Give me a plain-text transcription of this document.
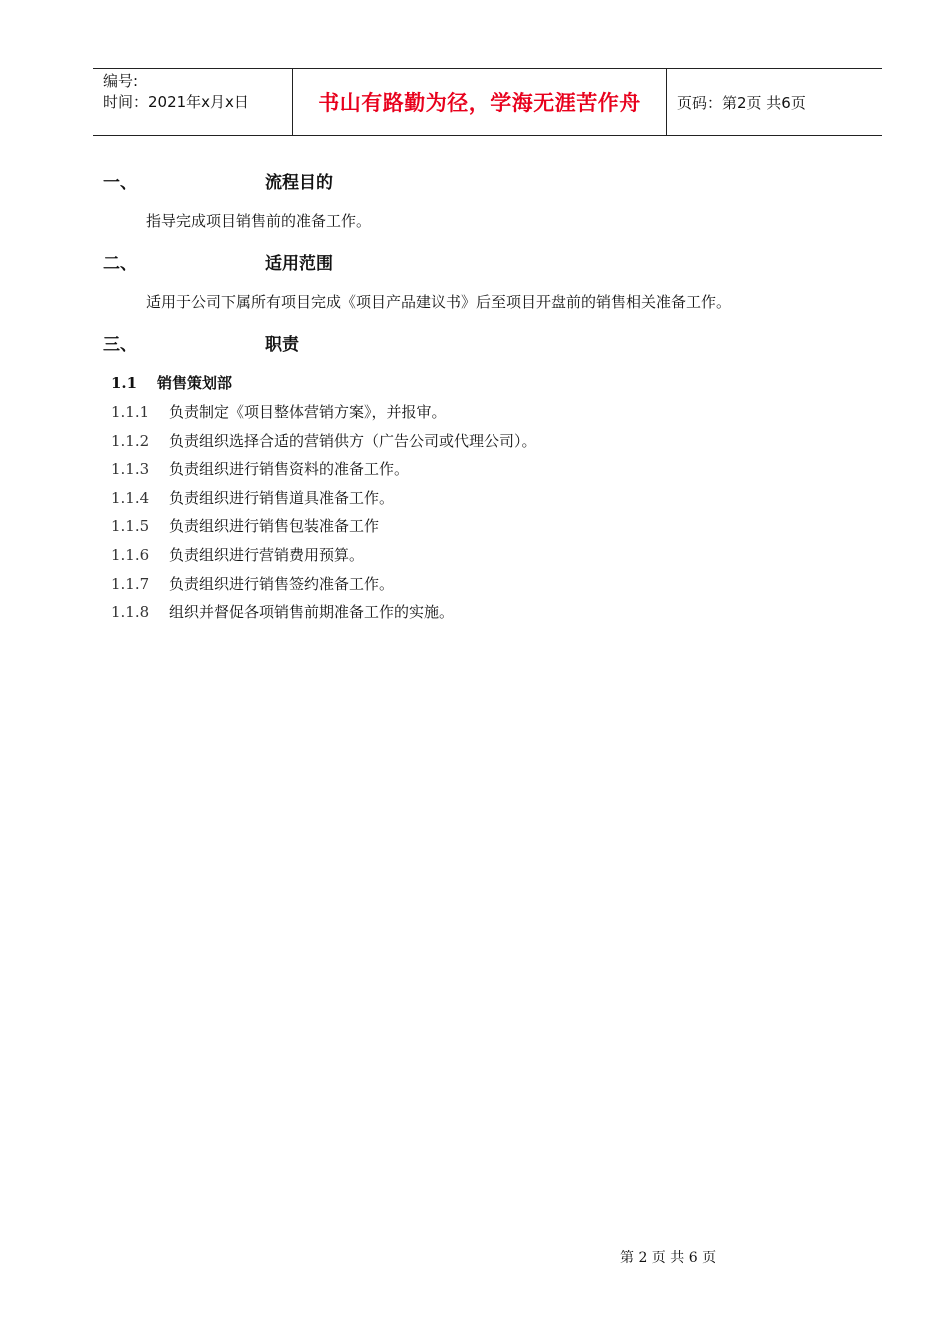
编号:
时间：2021年x月x日	书山有路勤为径，学海无涯苦作舟 页码：第2页 共6页
一、	流程目的
指导完成项目销售前的准备工作。
二、	适用范围
适用于公司下属所有项目完成《项目产品建议书》后至项目开盘前的销售相关准备工作。
三、	职责
1.1 销售策划部
1.1.1 负责制定《项目整体营销方案》，并报审。
1.1.2 负责组织选择合适的营销供方（广告公司或代理公司）。
1.1.3 负责组织进行销售资料的准备工作。
1.1.4 负责组织进行销售道具准备工作。
1.1.5 负责组织进行销售包装准备工作
1.1.6 负责组织进行营销费用预算。
1.1.7 负责组织进行销售签约准备工作。
1.1.8 组织并督促各项销售前期准备工作的实施。
第 2 页 共 6 页
